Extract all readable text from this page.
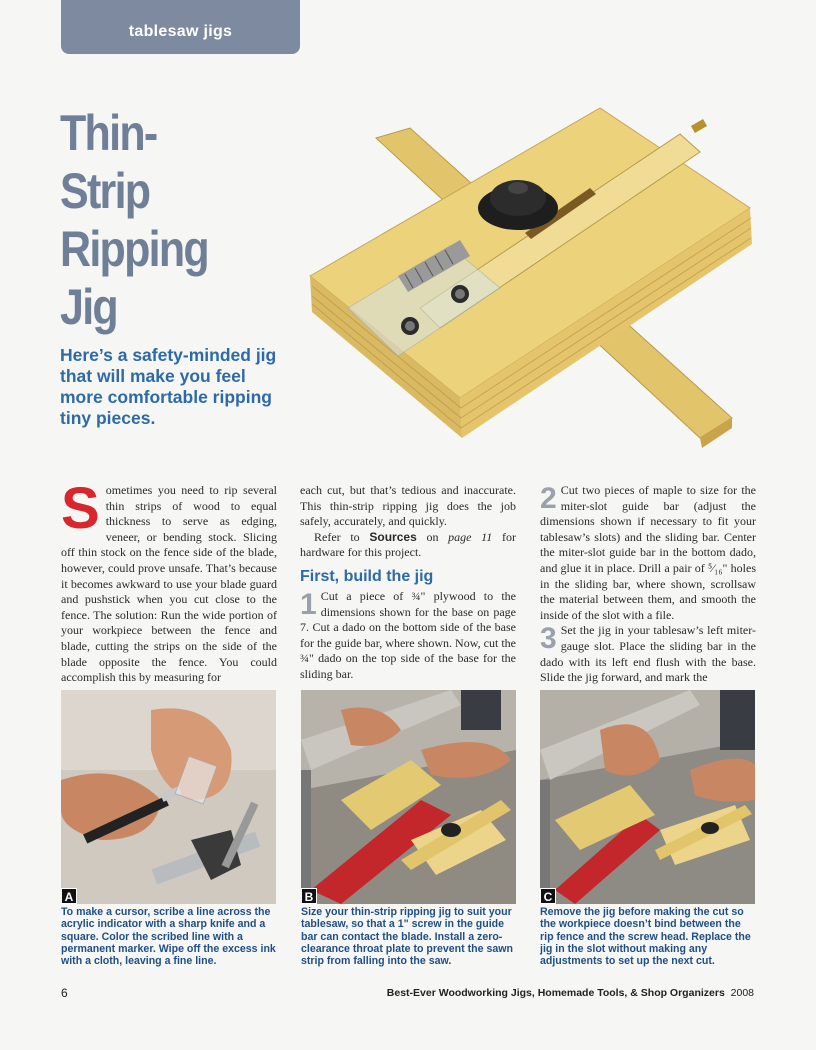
tablesaw jigs
Thin-
Strip
Ripping
Jig
Here’s a safety-minded jig that will make you feel more comfortable ripping tiny pieces.
S ometimes you need to rip several thin strips of wood to equal thickness to serve as edging, veneer, or bending stock. Slicing off thin stock on the fence side of the blade, however, could prove unsafe. That’s because it becomes awkward to use your blade guard and pushstick when you cut close to the fence. The solution: Run the wide portion of your workpiece between the fence and blade, cutting the strips on the side of the blade opposite the fence. You could accomplish this by measuring for

each cut, but that’s tedious and inaccurate. This thin-strip ripping jig does the job safely, accurately, and quickly.

Refer to Sources on page 11 for hardware for this project.

First, build the jig

1 Cut a piece of ¾" plywood to the dimensions shown for the base on page 7. Cut a dado on the bottom side of the base for the guide bar, where shown. Now, cut the ¾" dado on the top side of the base for the sliding bar.

2 Cut two pieces of maple to size for the miter-slot guide bar (adjust the dimensions shown if necessary to fit your tablesaw’s slots) and the sliding bar. Center the miter-slot guide bar in the bottom dado, and glue it in place. Drill a pair of ⁵⁄₁₆" holes in the sliding bar, where shown, scrollsaw the material between them, and smooth the inside of the slot with a file.

3 Set the jig in your tablesaw’s left miter-gauge slot. Place the sliding bar in the dado with its left end flush with the base. Slide the jig forward, and mark the

A	B	C
To make a cursor, scribe a line across the acrylic indicator with a sharp knife and a square. Color the scribed line with a permanent marker. Wipe off the excess ink with a cloth, leaving a fine line.
Size your thin-strip ripping jig to suit your tablesaw, so that a 1" screw in the guide bar can contact the blade. Install a zero-clearance throat plate to prevent the sawn strip from falling into the saw.
Remove the jig before making the cut so the workpiece doesn’t bind between the rip fence and the screw head. Replace the jig in the slot without making any adjustments to set up the next cut.
6	Best-Ever Woodworking Jigs, Homemade Tools, & Shop Organizers 2008
